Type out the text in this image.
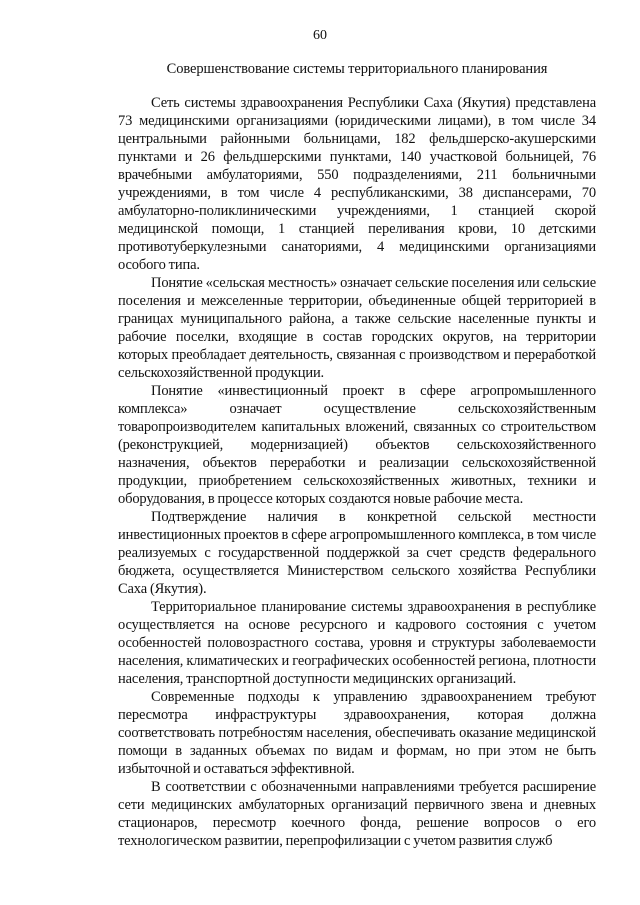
60
Совершенствование системы территориального планирования

Сеть системы здравоохранения Республики Саха (Якутия) представлена 73 медицинскими организациями (юридическими лицами), в том числе 34 центральными районными больницами, 182 фельдшерско-акушерскими пунктами и 26 фельдшерскими пунктами, 140 участковой больницей, 76 врачебными амбулаториями, 550 подразделениями, 211 больничными учреждениями, в том числе 4 республиканскими, 38 диспансерами, 70 амбулаторно-поликлиническими учреждениями, 1 станцией скорой медицинской помощи, 1 станцией переливания крови, 10 детскими противотуберкулезными санаториями, 4 медицинскими организациями особого типа.

Понятие «сельская местность» означает сельские поселения или сельские поселения и межселенные территории, объединенные общей территорией в границах муниципального района, а также сельские населенные пункты и рабочие поселки, входящие в состав городских округов, на территории которых преобладает деятельность, связанная с производством и переработкой сельскохозяйственной продукции.

Понятие «инвестиционный проект в сфере агропромышленного комплекса» означает осуществление сельскохозяйственным товаропроизводителем капитальных вложений, связанных со строительством (реконструкцией, модернизацией) объектов сельскохозяйственного назначения, объектов переработки и реализации сельскохозяйственной продукции, приобретением сельскохозяйственных животных, техники и оборудования, в процессе которых создаются новые рабочие места.

Подтверждение наличия в конкретной сельской местности инвестиционных проектов в сфере агропромышленного комплекса, в том числе реализуемых с государственной поддержкой за счет средств федерального бюджета, осуществляется Министерством сельского хозяйства Республики Саха (Якутия).

Территориальное планирование системы здравоохранения в республике осуществляется на основе ресурсного и кадрового состояния с учетом особенностей половозрастного состава, уровня и структуры заболеваемости населения, климатических и географических особенностей региона, плотности населения, транспортной доступности медицинских организаций.

Современные подходы к управлению здравоохранением требуют пересмотра инфраструктуры здравоохранения, которая должна соответствовать потребностям населения, обеспечивать оказание медицинской помощи в заданных объемах по видам и формам, но при этом не быть избыточной и оставаться эффективной.

В соответствии с обозначенными направлениями требуется расширение сети медицинских амбулаторных организаций первичного звена и дневных стационаров, пересмотр коечного фонда, решение вопросов о его технологическом развитии, перепрофилизации с учетом развития служб
